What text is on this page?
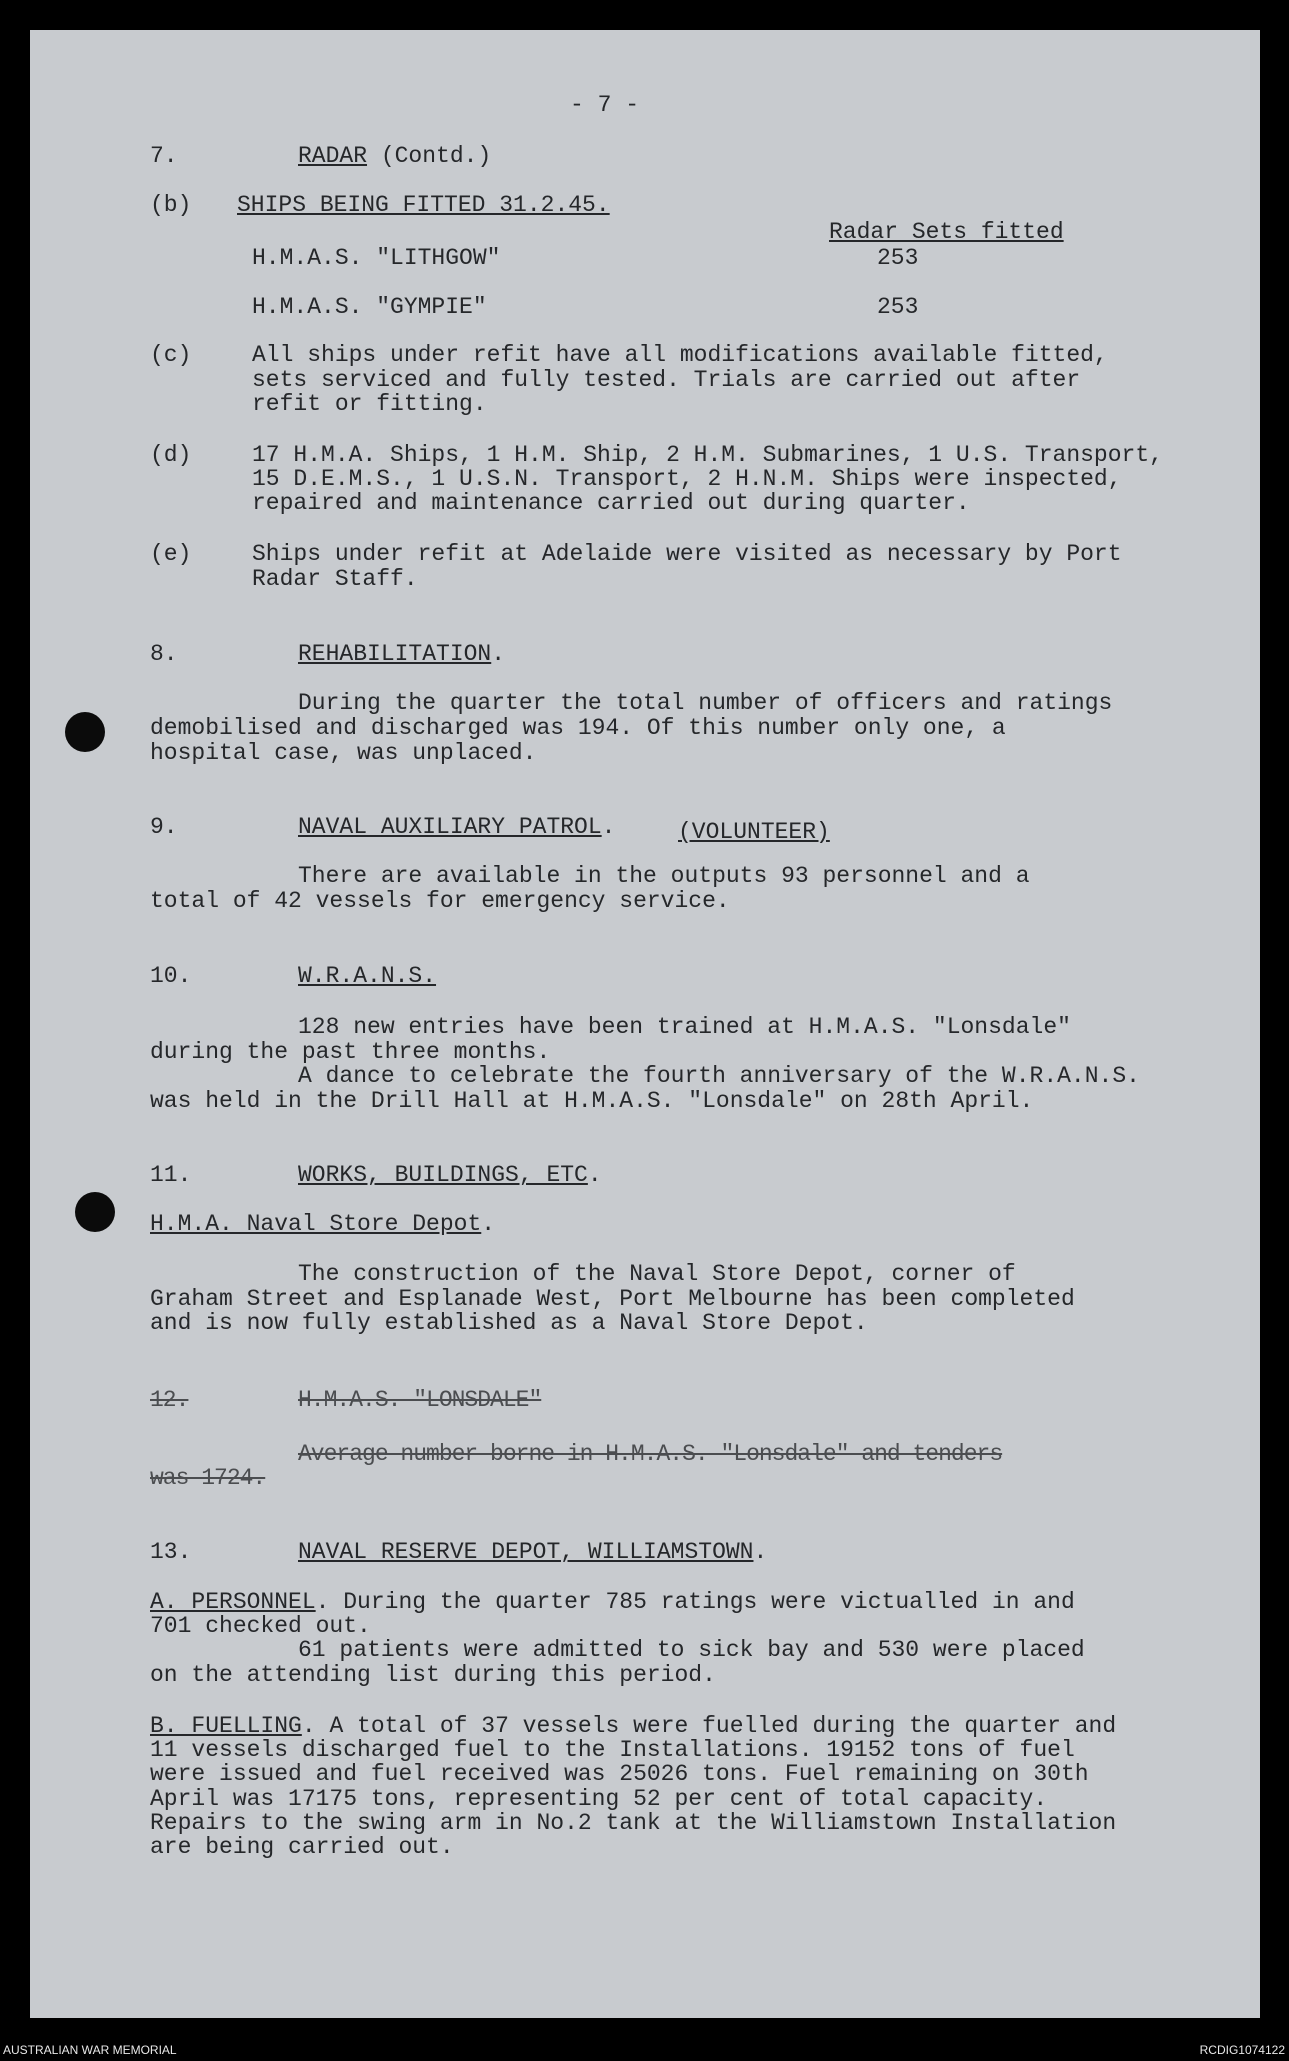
- 7 -
7.	RADAR (Contd.)
(b) SHIPS BEING FITTED 31.2.45.
Radar Sets fitted
H.M.A.S. "LITHGOW"	253
H.M.A.S. "GYMPIE"	253
(c)	All ships under refit have all modifications available fitted,
sets serviced and fully tested. Trials are carried out after
refit or fitting.
(d)	17 H.M.A. Ships, 1 H.M. Ship, 2 H.M. Submarines, 1 U.S. Transport,
15 D.E.M.S., 1 U.S.N. Transport, 2 H.N.M. Ships were inspected,
repaired and maintenance carried out during quarter.
(e)	Ships under refit at Adelaide were visited as necessary by Port
Radar Staff.
8.	REHABILITATION.
During the quarter the total number of officers and ratings
demobilised and discharged was 194. Of this number only one, a
hospital case, was unplaced.
9.	NAVAL AUXILIARY PATROL.	(VOLUNTEER)
There are available in the outputs 93 personnel and a
total of 42 vessels for emergency service.
10.	W.R.A.N.S.
128 new entries have been trained at H.M.A.S. "Lonsdale"
during the past three months.
A dance to celebrate the fourth anniversary of the W.R.A.N.S.
was held in the Drill Hall at H.M.A.S. "Lonsdale" on 28th April.
11.	WORKS, BUILDINGS, ETC.
H.M.A. Naval Store Depot.
The construction of the Naval Store Depot, corner of
Graham Street and Esplanade West, Port Melbourne has been completed
and is now fully established as a Naval Store Depot.
12.	H.M.A.S. "LONSDALE"
Average number borne in H.M.A.S. "Lonsdale" and tenders
was 1724.
13.	NAVAL RESERVE DEPOT, WILLIAMSTOWN.
A. PERSONNEL. During the quarter 785 ratings were victualled in and
701 checked out.
61 patients were admitted to sick bay and 530 were placed
on the attending list during this period.
B. FUELLING. A total of 37 vessels were fuelled during the quarter and
11 vessels discharged fuel to the Installations. 19152 tons of fuel
were issued and fuel received was 25026 tons. Fuel remaining on 30th
April was 17175 tons, representing 52 per cent of total capacity.
Repairs to the swing arm in No.2 tank at the Williamstown Installation
are being carried out.
AUSTRALIAN WAR MEMORIAL	RCDIG1074122
